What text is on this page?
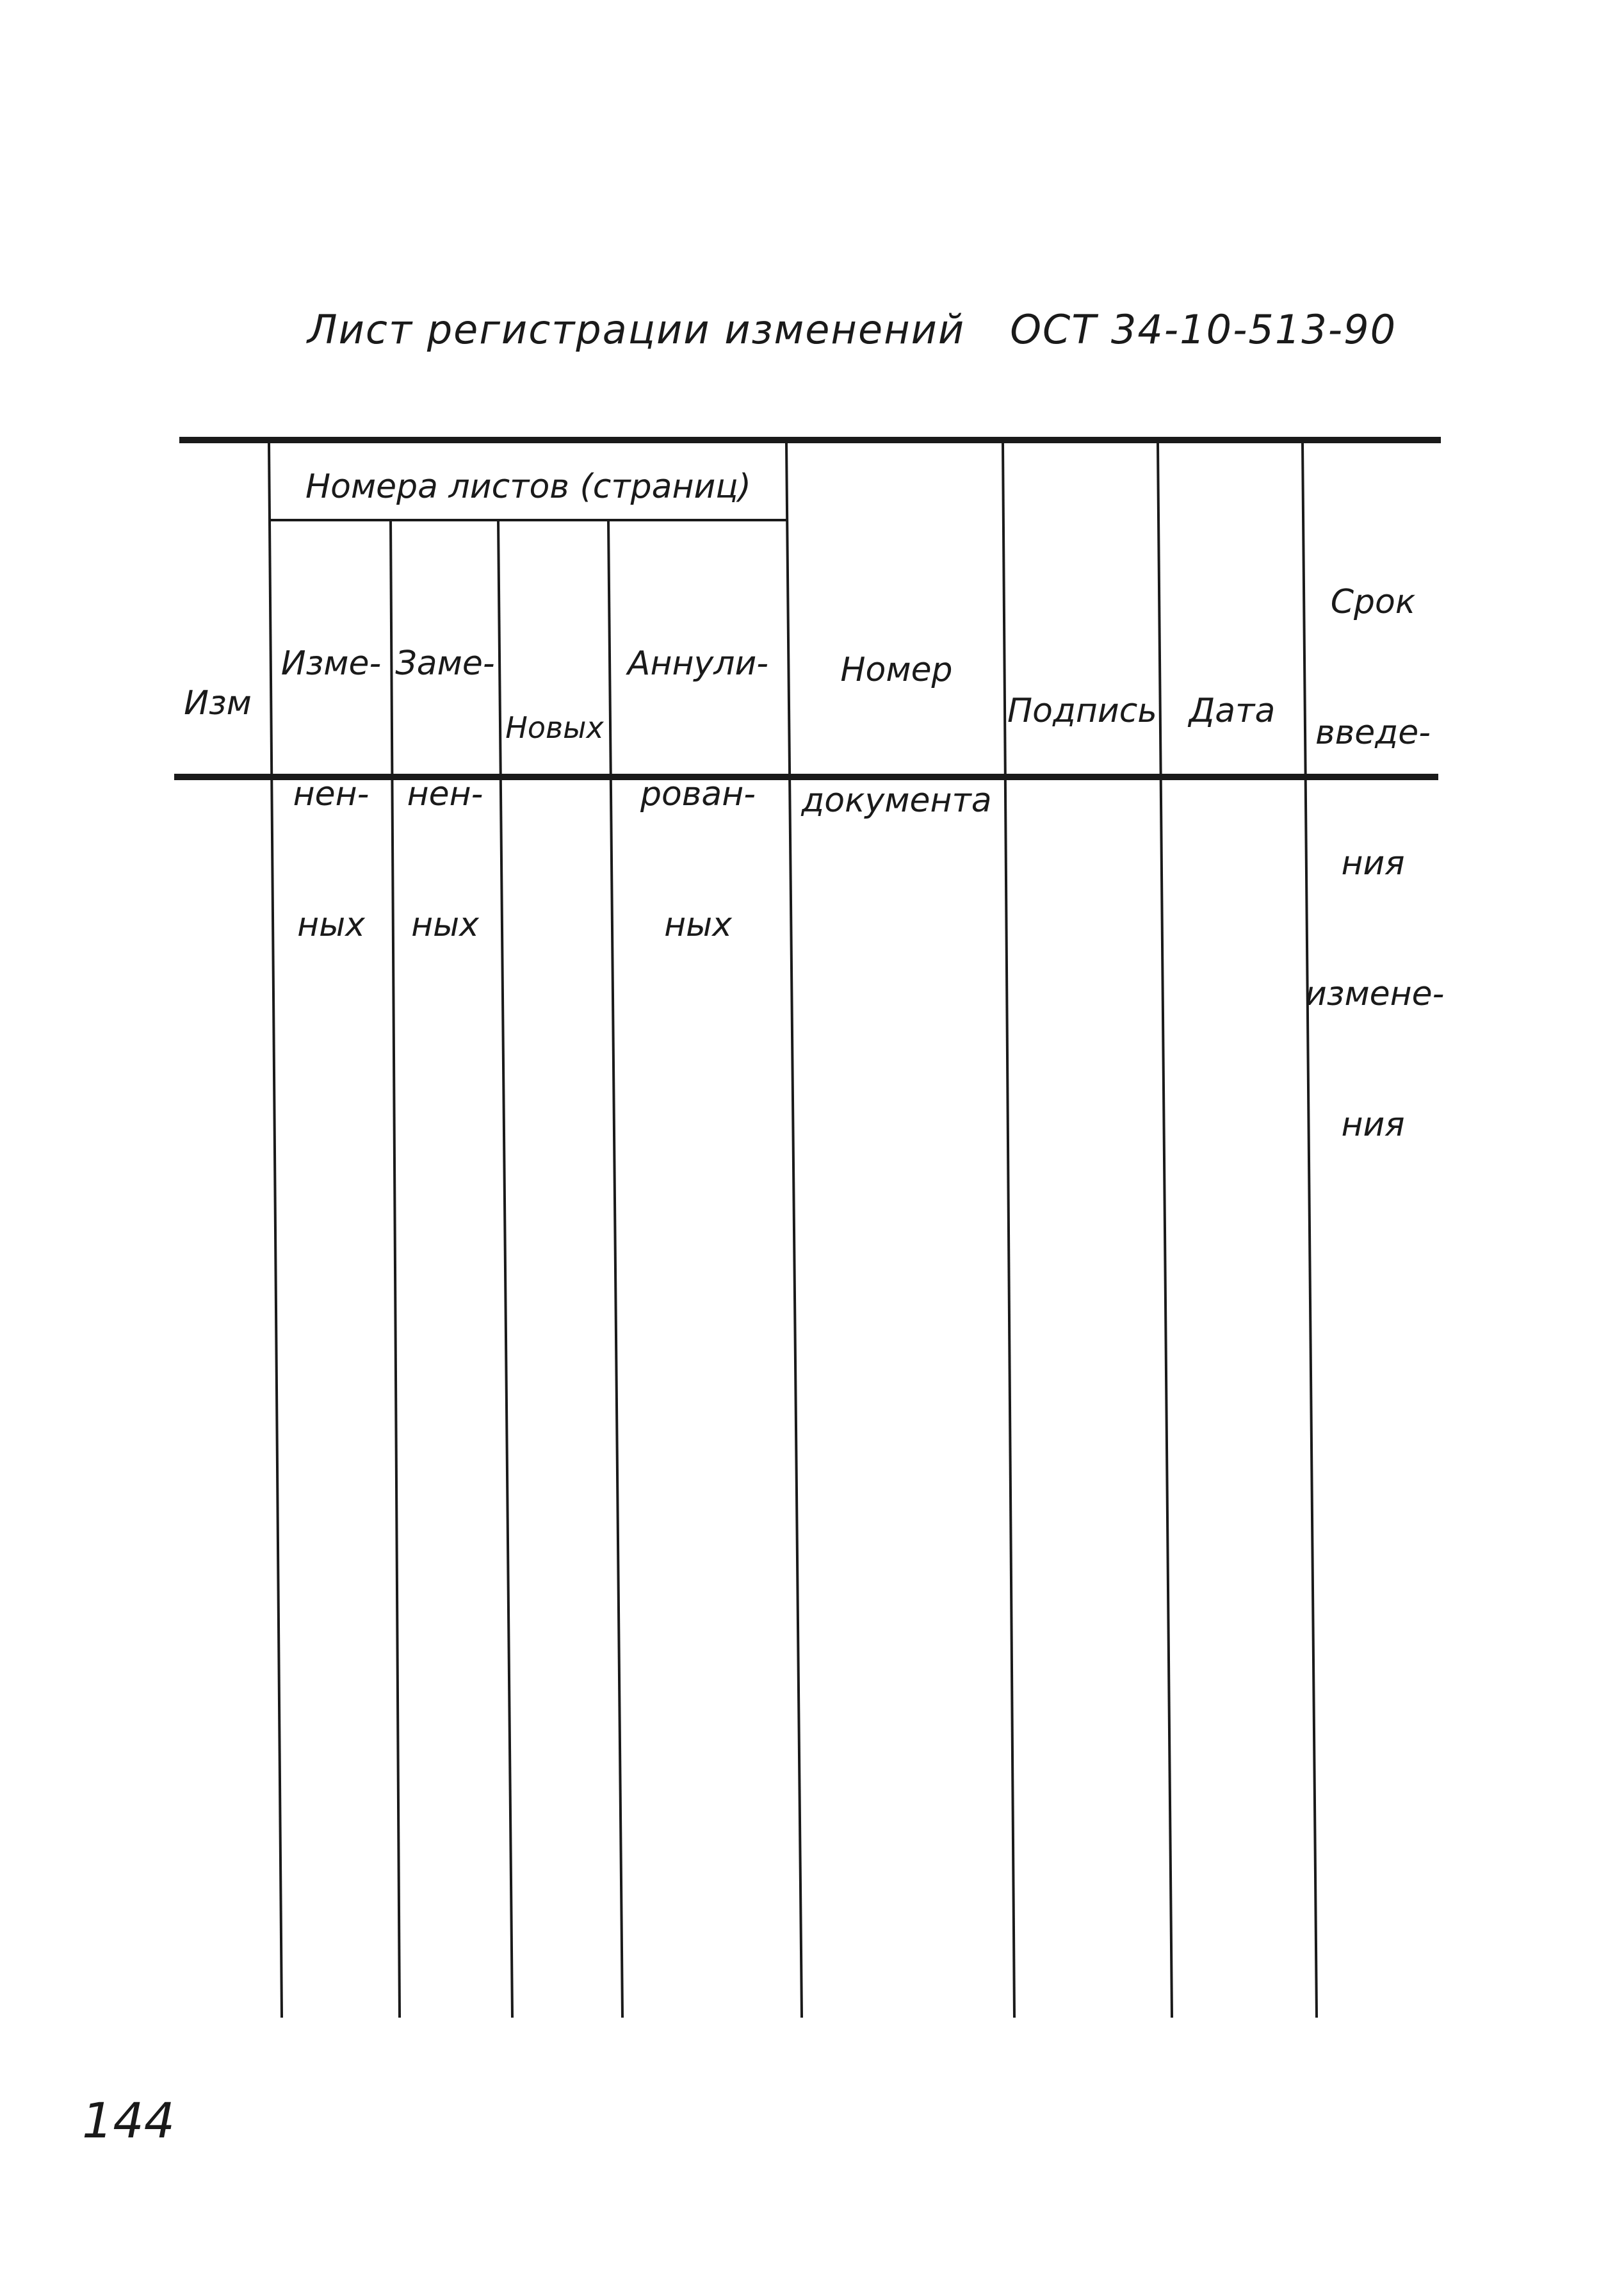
Лист регистрации изменений ОСТ 34-10-513-90
Номера листов (страниц)

Изм

Изме-

нен-

ных

Заме-

нен-

ных

Новых

Аннули-

рован-

ных

Номер

документа

Подпись

Дата

Срок

введе-

ния

измене-

ния

144
